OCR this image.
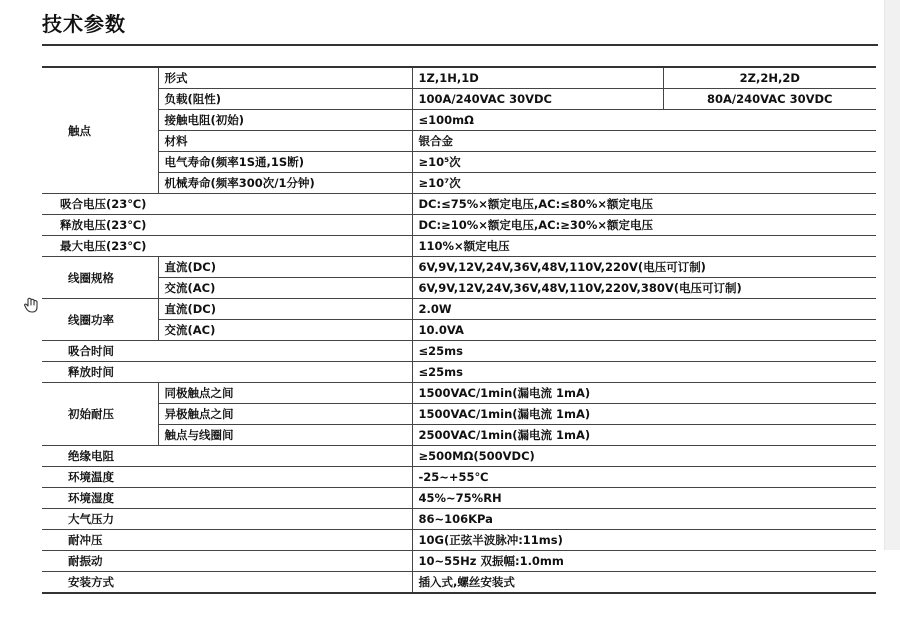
技术参数
触点	形式	1Z,1H,1D	2Z,2H,2D
	负载(阻性)	100A/240VAC 30VDC	80A/240VAC 30VDC
	接触电阻(初始)	≤100mΩ	
	材料	银合金	
	电气寿命(频率1S通,1S断)	≥10⁵次	
	机械寿命(频率300次/1分钟)	≥10⁷次	
吸合电压(23℃)		DC:≤75%×额定电压,AC:≤80%×额定电压	
释放电压(23℃)		DC:≥10%×额定电压,AC:≥30%×额定电压	
最大电压(23℃)		110%×额定电压	
线圈规格	直流(DC)	6V,9V,12V,24V,36V,48V,110V,220V(电压可订制)	
	交流(AC)	6V,9V,12V,24V,36V,48V,110V,220V,380V(电压可订制)	
线圈功率	直流(DC)	2.0W	
	交流(AC)	10.0VA	
吸合时间		≤25ms	
释放时间		≤25ms	
初始耐压	同极触点之间	1500VAC/1min(漏电流 1mA)	
	异极触点之间	1500VAC/1min(漏电流 1mA)	
	触点与线圈间	2500VAC/1min(漏电流 1mA)	
绝缘电阻		≥500MΩ(500VDC)	
环境温度		-25~+55℃	
环境湿度		45%~75%RH	
大气压力		86~106KPa	
耐冲压		10G(正弦半波脉冲:11ms)	
耐振动		10~55Hz 双振幅:1.0mm	
安装方式		插入式,螺丝安装式	
